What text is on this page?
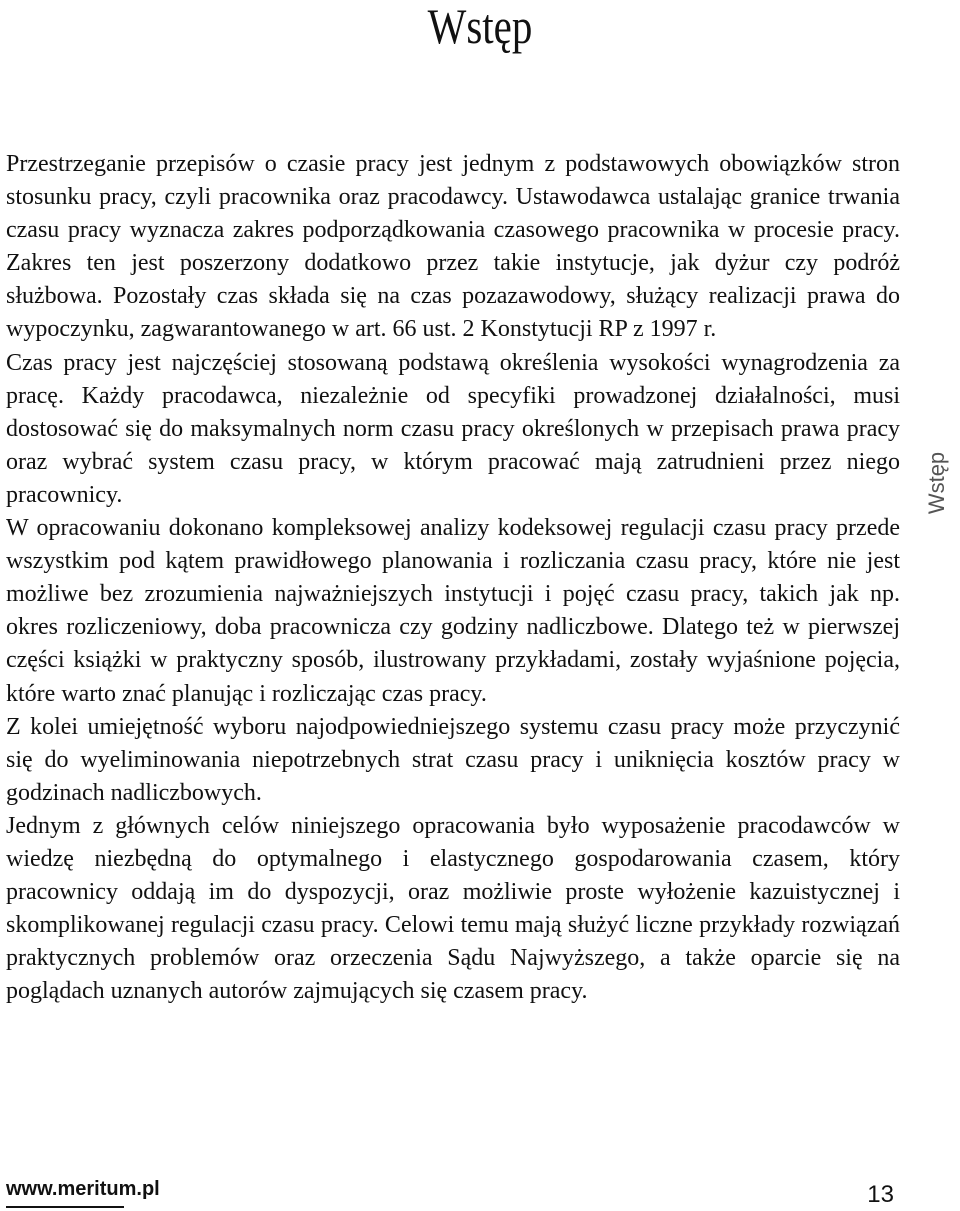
Wstęp

Przestrzeganie przepisów o czasie pracy jest jednym z podstawowych obowiązków stron stosunku pracy, czyli pracownika oraz pracodawcy. Ustawodawca ustalając granice trwania czasu pracy wyznacza zakres podporządkowania czasowego pracownika w procesie pracy. Zakres ten jest poszerzony dodatkowo przez takie instytucje, jak dyżur czy podróż służbowa. Pozostały czas składa się na czas pozazawodowy, służący realizacji prawa do wypoczynku, zagwarantowanego w art. 66 ust. 2 Konstytucji RP z 1997 r.

Czas pracy jest najczęściej stosowaną podstawą określenia wysokości wynagrodzenia za pracę. Każdy pracodawca, niezależnie od specyfiki prowadzonej działalności, musi dostosować się do maksymalnych norm czasu pracy określonych w przepisach prawa pracy oraz wybrać system czasu pracy, w którym pracować mają zatrudnieni przez niego pracownicy.

W opracowaniu dokonano kompleksowej analizy kodeksowej regulacji czasu pracy przede wszystkim pod kątem prawidłowego planowania i rozliczania czasu pracy, które nie jest możliwe bez zrozumienia najważniejszych instytucji i pojęć czasu pracy, takich jak np. okres rozliczeniowy, doba pracownicza czy godziny nadliczbowe. Dlatego też w pierwszej części książki w praktyczny sposób, ilustrowany przykładami, zostały wyjaśnione pojęcia, które warto znać planując i rozliczając czas pracy.

Z kolei umiejętność wyboru najodpowiedniejszego systemu czasu pracy może przyczynić się do wyeliminowania niepotrzebnych strat czasu pracy i uniknięcia kosztów pracy w godzinach nadliczbowych.

Jednym z głównych celów niniejszego opracowania było wyposażenie pracodawców w wiedzę niezbędną do optymalnego i elastycznego gospodarowania czasem, który pracownicy oddają im do dyspozycji, oraz możliwie proste wyłożenie kazuistycznej i skomplikowanej regulacji czasu pracy. Celowi temu mają służyć liczne przykłady rozwiązań praktycznych problemów oraz orzeczenia Sądu Najwyższego, a także oparcie się na poglądach uznanych autorów zajmujących się czasem pracy.

Wstęp
www.meritum.pl	13
